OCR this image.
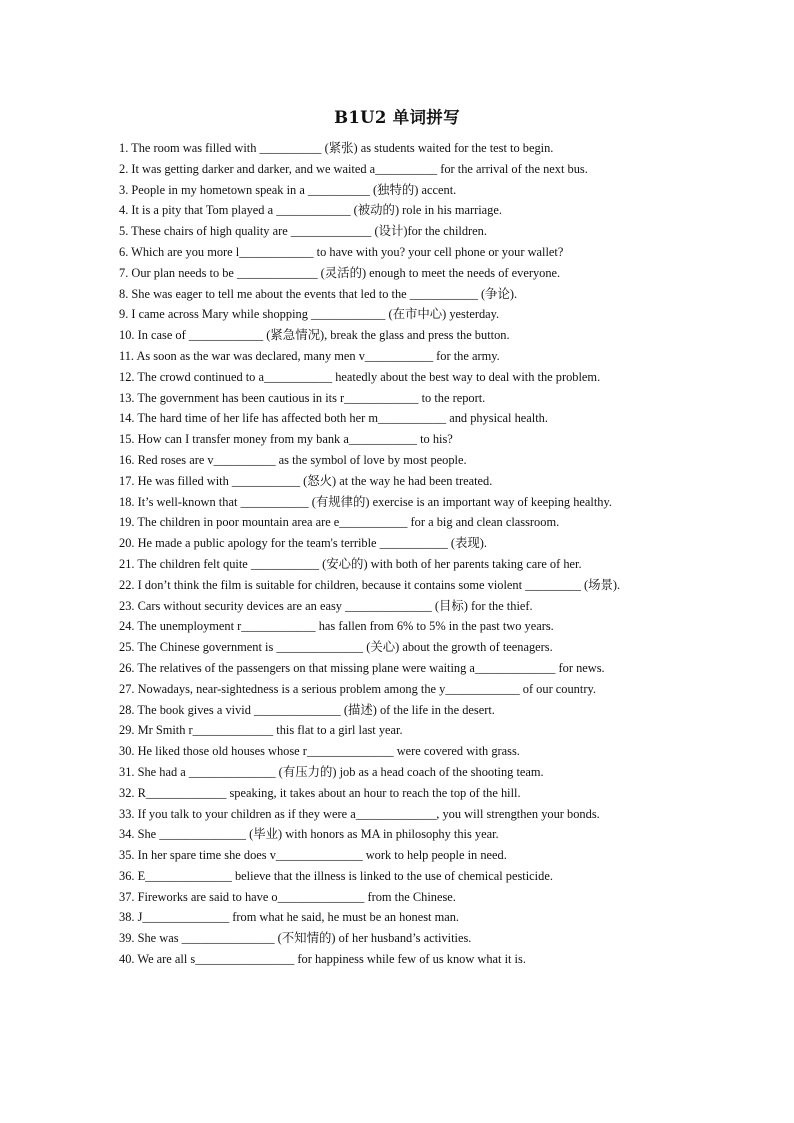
B1U2 单词拼写
1. The room was filled with __________ (紧张) as students waited for the test to begin.
2. It was getting darker and darker, and we waited a__________ for the arrival of the next bus.
3. People in my hometown speak in a __________ (独特的) accent.
4. It is a pity that Tom played a ____________ (被动的) role in his marriage.
5. These chairs of high quality are _____________ (设计)for the children.
6. Which are you more l____________ to have with you? your cell phone or your wallet?
7. Our plan needs to be _____________ (灵活的) enough to meet the needs of everyone.
8. She was eager to tell me about the events that led to the ___________ (争论).
9. I came across Mary while shopping ____________ (在市中心) yesterday.
10. In case of ____________ (紧急情况), break the glass and press the button.
11. As soon as the war was declared, many men v___________ for the army.
12. The crowd continued to a___________ heatedly about the best way to deal with the problem.
13. The government has been cautious in its r____________ to the report.
14. The hard time of her life has affected both her m___________ and physical health.
15. How can I transfer money from my bank a___________ to his?
16. Red roses are v__________ as the symbol of love by most people.
17. He was filled with ___________ (怒火) at the way he had been treated.
18. It’s well-known that ___________ (有规律的) exercise is an important way of keeping healthy.
19. The children in poor mountain area are e___________ for a big and clean classroom.
20. He made a public apology for the team's terrible ___________ (表现).
21. The children felt quite ___________ (安心的) with both of her parents taking care of her.
22. I don’t think the film is suitable for children, because it contains some violent _________ (场景).
23. Cars without security devices are an easy ______________ (目标) for the thief.
24. The unemployment r____________ has fallen from 6% to 5% in the past two years.
25. The Chinese government is ______________ (关心) about the growth of teenagers.
26. The relatives of the passengers on that missing plane were waiting a_____________ for news.
27. Nowadays, near-sightedness is a serious problem among the y____________ of our country.
28. The book gives a vivid ______________ (描述) of the life in the desert.
29. Mr Smith r_____________ this flat to a girl last year.
30. He liked those old houses whose r______________ were covered with grass.
31. She had a ______________ (有压力的) job as a head coach of the shooting team.
32. R_____________ speaking, it takes about an hour to reach the top of the hill.
33. If you talk to your children as if they were a_____________, you will strengthen your bonds.
34. She ______________ (毕业) with honors as MA in philosophy this year.
35. In her spare time she does v______________ work to help people in need.
36. E______________ believe that the illness is linked to the use of chemical pesticide.
37. Fireworks are said to have o______________ from the Chinese.
38. J______________ from what he said, he must be an honest man.
39. She was _______________ (不知情的) of her husband’s activities.
40. We are all s________________ for happiness while few of us know what it is.
